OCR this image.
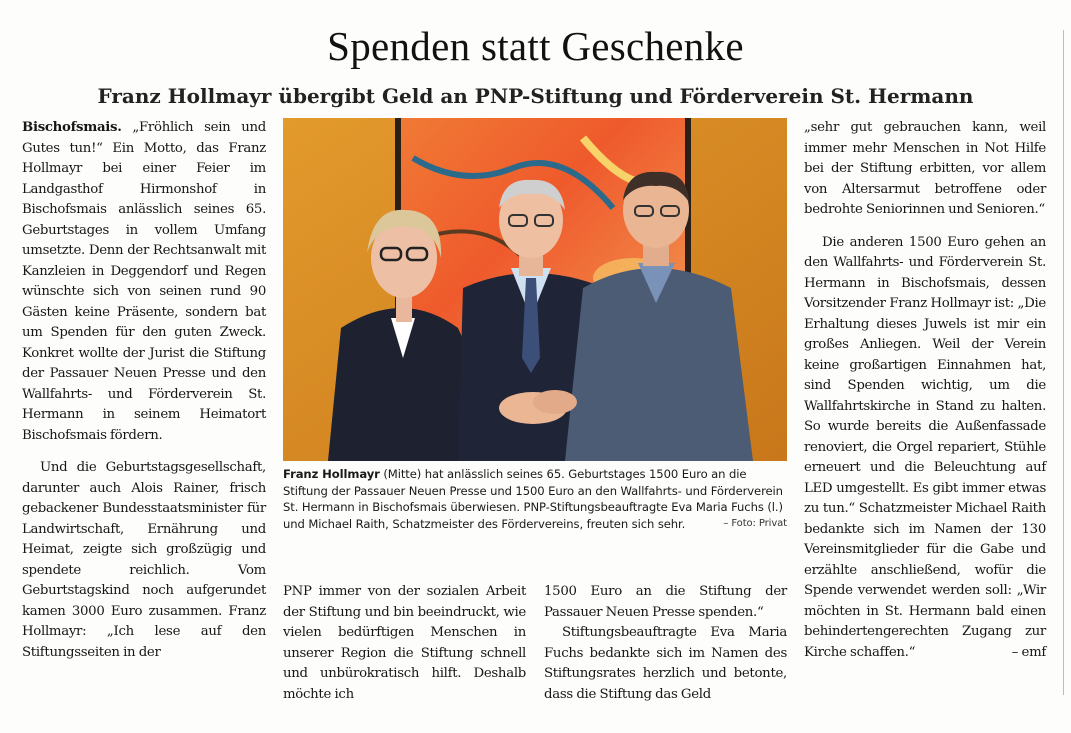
Spenden statt Geschenke
Franz Hollmayr übergibt Geld an PNP-Stiftung und Förderverein St. Hermann

Bischofsmais. „Fröhlich sein und Gutes tun!“ Ein Motto, das Franz Hollmayr bei einer Feier im Landgasthof Hirmonshof in Bischofsmais anlässlich seines 65. Geburtstages in vollem Umfang umsetzte. Denn der Rechtsanwalt mit Kanzleien in Deggendorf und Regen wünschte sich von seinen rund 90 Gästen keine Präsente, sondern bat um Spenden für den guten Zweck. Konkret wollte der Jurist die Stiftung der Passauer Neuen Presse und den Wallfahrts- und Förderverein St. Hermann in seinem Heimatort Bischofsmais fördern.

Und die Geburtstagsgesellschaft, darunter auch Alois Rainer, frisch gebackener Bundesstaatsminister für Landwirtschaft, Ernährung und Heimat, zeigte sich großzügig und spendete reichlich. Vom Geburtstagskind noch aufgerundet kamen 3000 Euro zusammen. Franz Hollmayr: „Ich lese auf den Stiftungsseiten in der

Franz Hollmayr (Mitte) hat anlässlich seines 65. Geburtstages 1500 Euro an die Stiftung der Passauer Neuen Presse und 1500 Euro an den Wallfahrts- und Förderverein St. Hermann in Bischofsmais überwiesen. PNP-Stiftungsbeauftragte Eva Maria Fuchs (l.) und Michael Raith, Schatzmeister des Fördervereins, freuten sich sehr.	– Foto: Privat

PNP immer von der sozialen Arbeit der Stiftung und bin beeindruckt, wie vielen bedürftigen Menschen in unserer Region die Stiftung schnell und unbürokratisch hilft. Deshalb möchte ich

1500 Euro an die Stiftung der Passauer Neuen Presse spenden.“

Stiftungsbeauftragte Eva Maria Fuchs bedankte sich im Namen des Stiftungsrates herzlich und betonte, dass die Stiftung das Geld

„sehr gut gebrauchen kann, weil immer mehr Menschen in Not Hilfe bei der Stiftung erbitten, vor allem von Altersarmut betroffene oder bedrohte Seniorinnen und Senioren.“

Die anderen 1500 Euro gehen an den Wallfahrts- und Förderverein St. Hermann in Bischofsmais, dessen Vorsitzender Franz Hollmayr ist: „Die Erhaltung dieses Juwels ist mir ein großes Anliegen. Weil der Verein keine großartigen Einnahmen hat, sind Spenden wichtig, um die Wallfahrtskirche in Stand zu halten. So wurde bereits die Außenfassade renoviert, die Orgel repariert, Stühle erneuert und die Beleuchtung auf LED umgestellt. Es gibt immer etwas zu tun.“ Schatzmeister Michael Raith bedankte sich im Namen der 130 Vereinsmitglieder für die Gabe und erzählte anschließend, wofür die Spende verwendet werden soll: „Wir möchten in St. Hermann bald einen behindertengerechten Zugang zur Kirche schaffen.“	– emf
